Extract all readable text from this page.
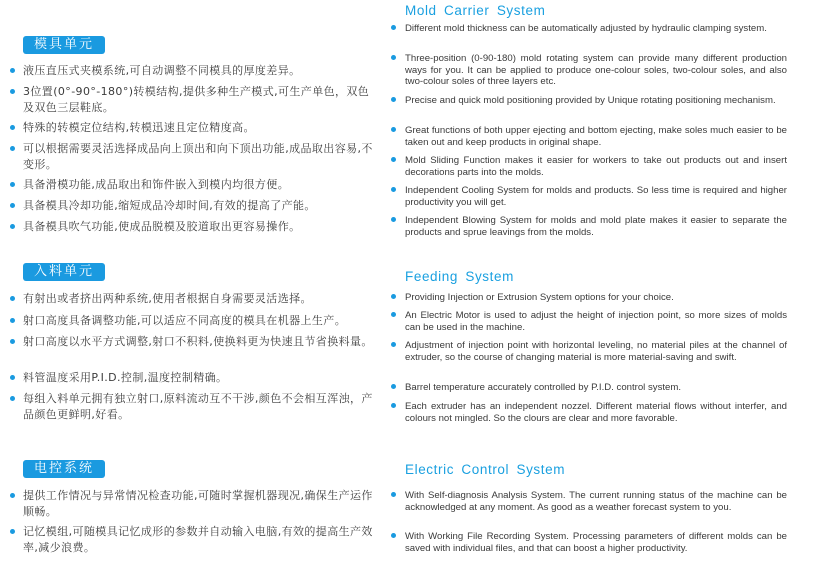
模具单元
液压直压式夹模系统,可自动调整不同模具的厚度差异。
3位置(0°-90°-180°)转模结构,提供多种生产模式,可生产单色，双色及双色三层鞋底。
特殊的转模定位结构,转模迅速且定位精度高。
可以根据需要灵活选择成品向上顶出和向下顶出功能,成品取出容易,不变形。
具备滑模功能,成品取出和饰件嵌入到模内均很方便。
具备模具冷却功能,缩短成品冷却时间,有效的提高了产能。
具备模具吹气功能,使成品脱模及胶道取出更容易操作。
入料单元
有射出或者挤出两种系统,使用者根据自身需要灵活选择。
射口高度具备调整功能,可以适应不同高度的模具在机器上生产。
射口高度以水平方式调整,射口不积料,使换料更为快速且节省换料量。
料管温度采用P.I.D.控制,温度控制精确。
每组入料单元拥有独立射口,原料流动互不干涉,颜色不会相互浑浊，产品颜色更鲜明,好看。
电控系统
提供工作情况与异常情况检查功能,可随时掌握机器现况,确保生产运作顺畅。
记忆模组,可随模具记忆成形的参数并自动输入电脑,有效的提高生产效率,减少浪费。
Mold Carrier System
Different mold thickness can be automatically adjusted by hydraulic clamping system.
Three-position (0-90-180) mold rotating system can provide many different production ways for you. It can be applied to produce one-colour soles, two-colour soles, and also two-colour soles of three layers etc.
Precise and quick mold positioning provided by Unique rotating positioning mechanism.
Great functions of both upper ejecting and bottom ejecting, make soles much easier to be taken out and keep products in original shape.
Mold Sliding Function makes it easier for workers to take out products out and insert decorations parts into the molds.
Independent Cooling System for molds and products. So less time is required and higher productivity you will get.
Independent Blowing System for molds and mold plate makes it easier to separate the products and sprue leavings from the molds.
Feeding System
Providing Injection or Extrusion System options for your choice.
An Electric Motor is used to adjust the height of injection point, so more sizes of molds can be used in the machine.
Adjustment of injection point with horizontal leveling, no material piles at the channel of extruder, so the course of changing material is more material-saving and swift.
Barrel temperature accurately controlled by P.I.D. control system.
Each extruder has an independent nozzel. Different material flows without interfer, and colours not mingled. So the clours are clear and more favorable.
Electric Control System
With Self-diagnosis Analysis System. The current running status of the machine can be acknowledged at any moment. As good as a weather forecast system to you.
With Working File Recording System. Processing parameters of different molds can be saved with individual files, and that can boost a higher productivity.
